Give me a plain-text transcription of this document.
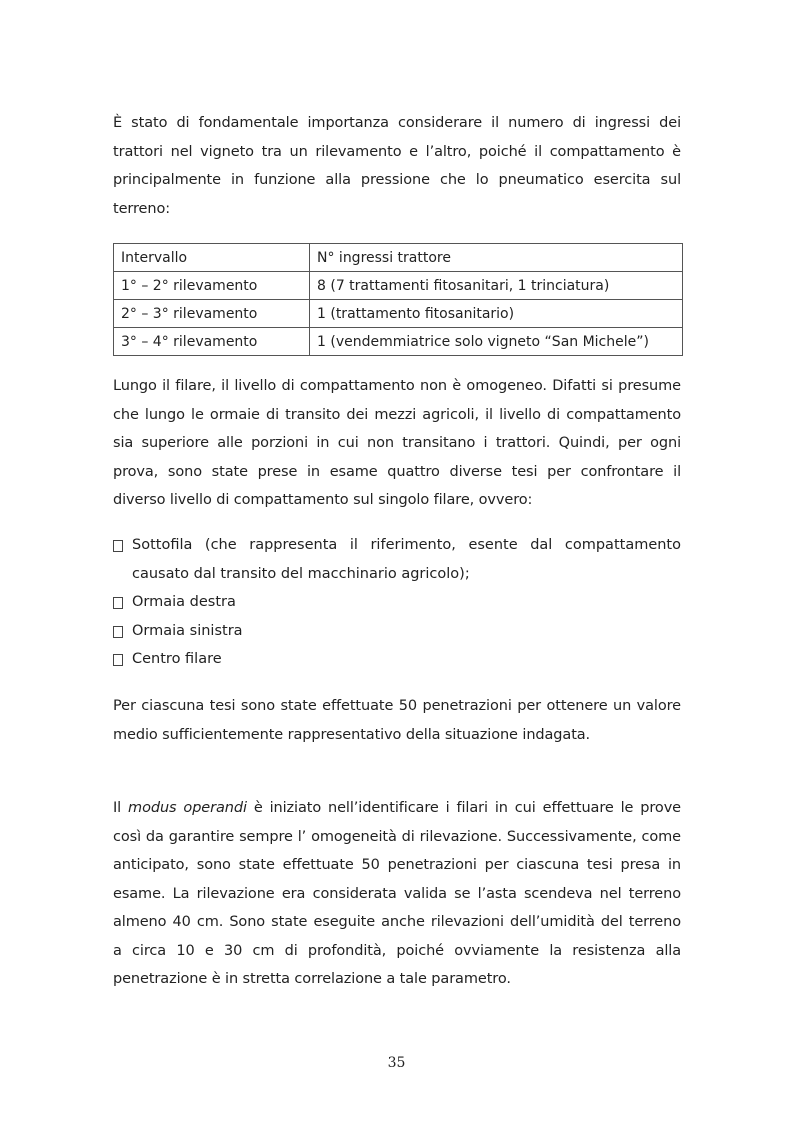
È stato di fondamentale importanza considerare il numero di ingressi dei

trattori nel vigneto tra un rilevamento e l’altro, poiché il compattamento è

principalmente in funzione alla pressione che lo pneumatico esercita sul

terreno:

Intervallo	N° ingressi trattore
1° – 2° rilevamento	8 (7 trattamenti fitosanitari, 1 trinciatura)
2° – 3° rilevamento	1 (trattamento fitosanitario)
3° – 4° rilevamento	1 (vendemmiatrice solo vigneto “San Michele”)

Lungo il filare, il livello di compattamento non è omogeneo. Difatti si presume

che lungo le ormaie di transito dei mezzi agricoli, il livello di compattamento

sia superiore alle porzioni in cui non transitano i trattori. Quindi, per ogni

prova, sono state prese in esame quattro diverse tesi per confrontare il

diverso livello di compattamento sul singolo filare, ovvero:

Sottofila (che rappresenta il riferimento, esente dal compattamento

causato dal transito del macchinario agricolo);

Ormaia destra

Ormaia sinistra

Centro filare

Per ciascuna tesi sono state effettuate 50 penetrazioni per ottenere un valore

medio sufficientemente rappresentativo della situazione indagata.

Il modus operandi è iniziato nell’identificare i filari in cui effettuare le prove

così da garantire sempre l’ omogeneità di rilevazione. Successivamente, come

anticipato, sono state effettuate 50 penetrazioni per ciascuna tesi presa in

esame. La rilevazione era considerata valida se l’asta scendeva nel terreno

almeno 40 cm. Sono state eseguite anche rilevazioni dell’umidità del terreno

a circa 10 e 30 cm di profondità, poiché ovviamente la resistenza alla

penetrazione è in stretta correlazione a tale parametro.

35
